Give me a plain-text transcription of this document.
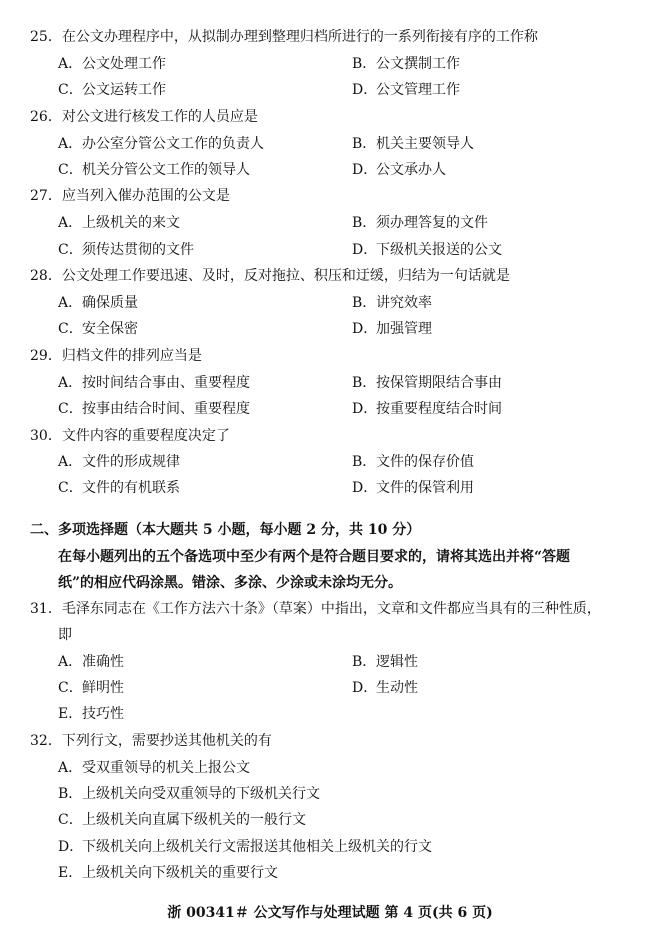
25．在公文办理程序中，从拟制办理到整理归档所进行的一系列衔接有序的工作称
A．公文处理工作	B．公文撰制工作
C．公文运转工作	D．公文管理工作
26．对公文进行核发工作的人员应是
A．办公室分管公文工作的负责人	B．机关主要领导人
C．机关分管公文工作的领导人	D．公文承办人
27．应当列入催办范围的公文是
A．上级机关的来文	B．须办理答复的文件
C．须传达贯彻的文件	D．下级机关报送的公文
28．公文处理工作要迅速、及时，反对拖拉、积压和迂缓，归结为一句话就是
A．确保质量	B．讲究效率
C．安全保密	D．加强管理
29．归档文件的排列应当是
A．按时间结合事由、重要程度	B．按保管期限结合事由
C．按事由结合时间、重要程度	D．按重要程度结合时间
30．文件内容的重要程度决定了
A．文件的形成规律	B．文件的保存价值
C．文件的有机联系	D．文件的保管利用
二、多项选择题（本大题共 5 小题，每小题 2 分，共 10 分）
在每小题列出的五个备选项中至少有两个是符合题目要求的，请将其选出并将“答题
纸”的相应代码涂黑。错涂、多涂、少涂或未涂均无分。
31．毛泽东同志在《工作方法六十条》（草案）中指出，文章和文件都应当具有的三种性质，
即
A．准确性	B．逻辑性
C．鲜明性	D．生动性
E．技巧性
32．下列行文，需要抄送其他机关的有
A．受双重领导的机关上报公文
B．上级机关向受双重领导的下级机关行文
C．上级机关向直属下级机关的一般行文
D．下级机关向上级机关行文需报送其他相关上级机关的行文
E．上级机关向下级机关的重要行文
浙 00341＃ 公文写作与处理试题 第 4 页(共 6 页)
